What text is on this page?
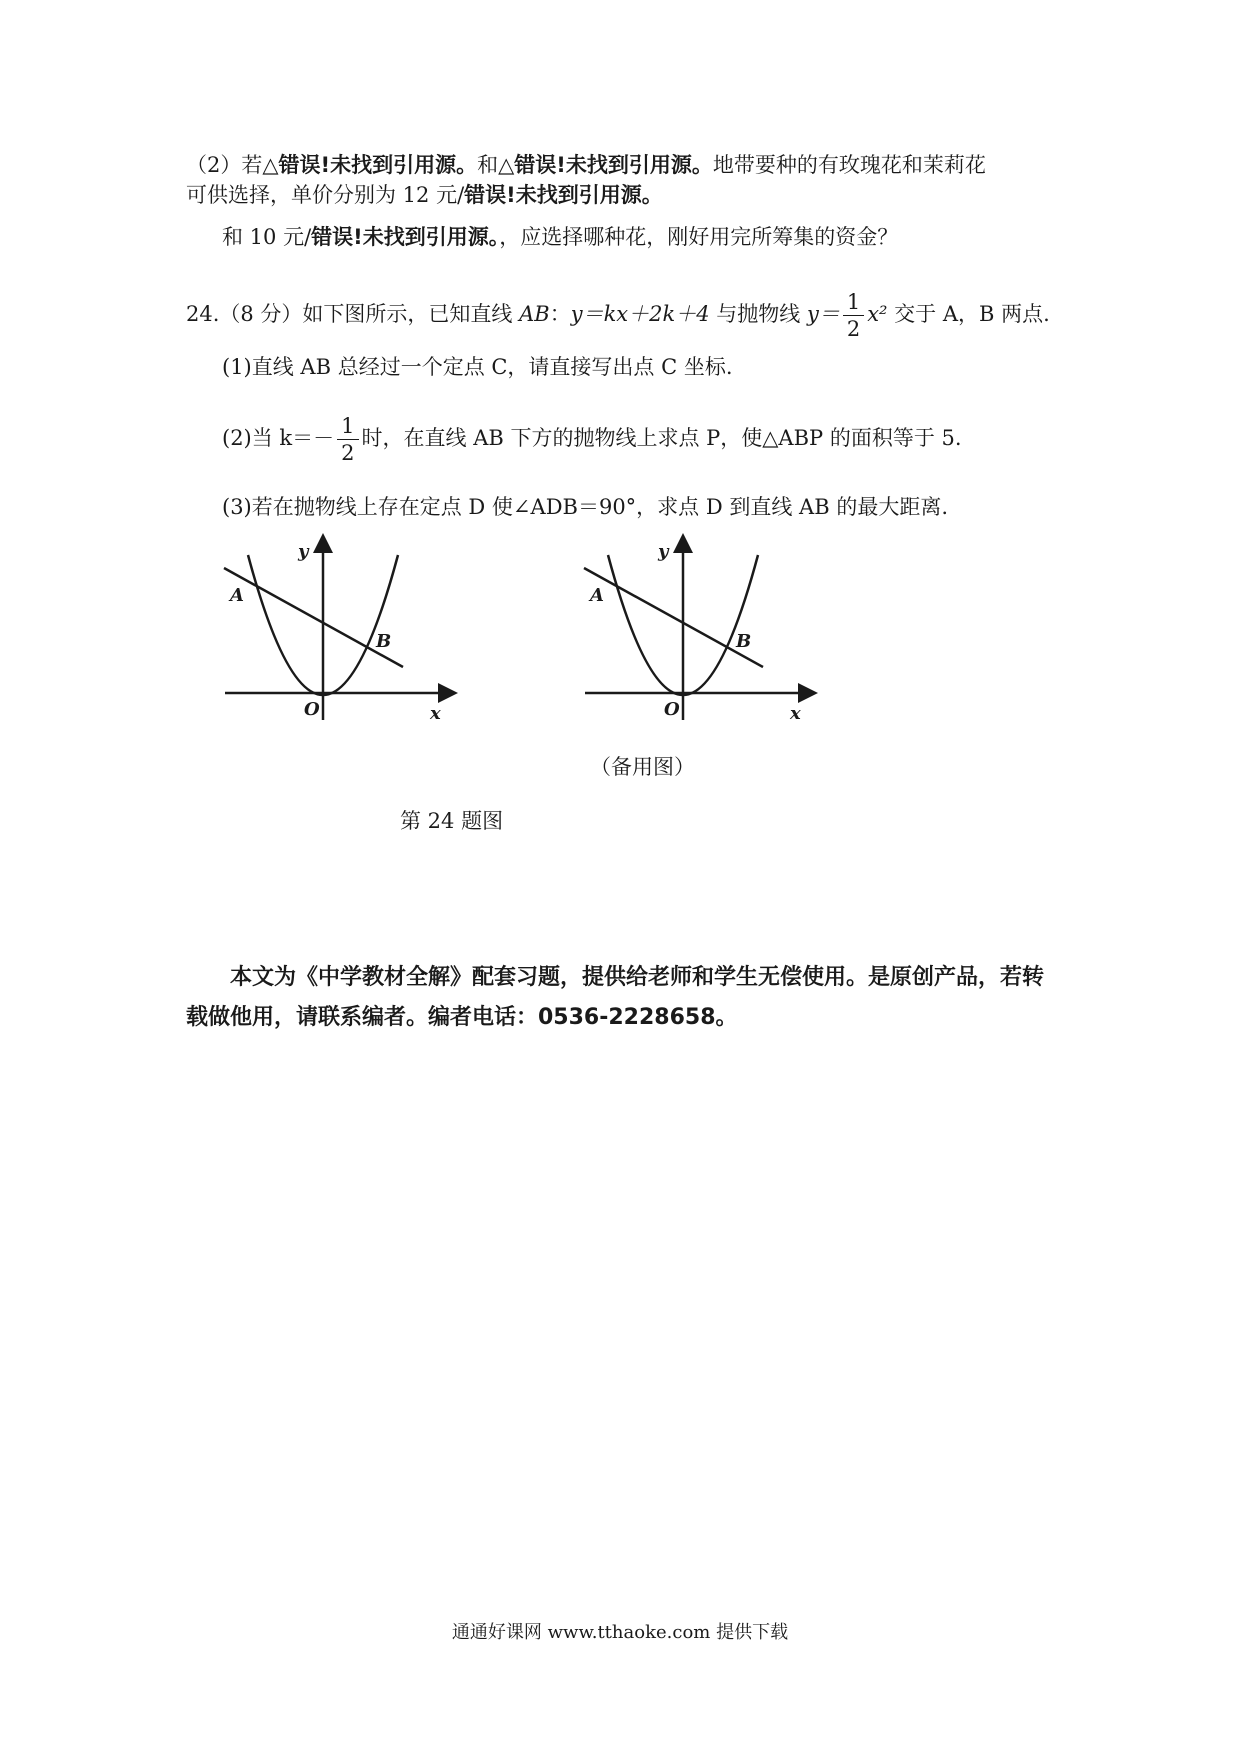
（2）若△错误!未找到引用源。和△错误!未找到引用源。地带要种的有玫瑰花和茉莉花
可供选择，单价分别为 12 元/错误!未找到引用源。
和 10 元/错误!未找到引用源。，应选择哪种花，刚好用完所筹集的资金？
24.（8 分）如下图所示，已知直线 AB：y＝kx＋2k＋4 与抛物线 $y= \frac{1}{2} x^2$ 交于 A，B 两点.
(1)直线 AB 总经过一个定点 C，请直接写出点 C 坐标.
(2)当 $k=- \frac{1}{2}$ 时，在直线 AB 下方的抛物线上求点 P，使△ABP 的面积等于 5.
(3)若在抛物线上存在定点 D 使∠ADB＝90°，求点 D 到直线 AB 的最大距离.
y
x
O
A
B
y
x
O
A
B
（备用图）
第 24 题图
本文为《中学教材全解》配套习题，提供给老师和学生无偿使用。是原创产品，若转载做他用，请联系编者。编者电话：0536-2228658。
通通好课网 www.tthaoke.com 提供下载
